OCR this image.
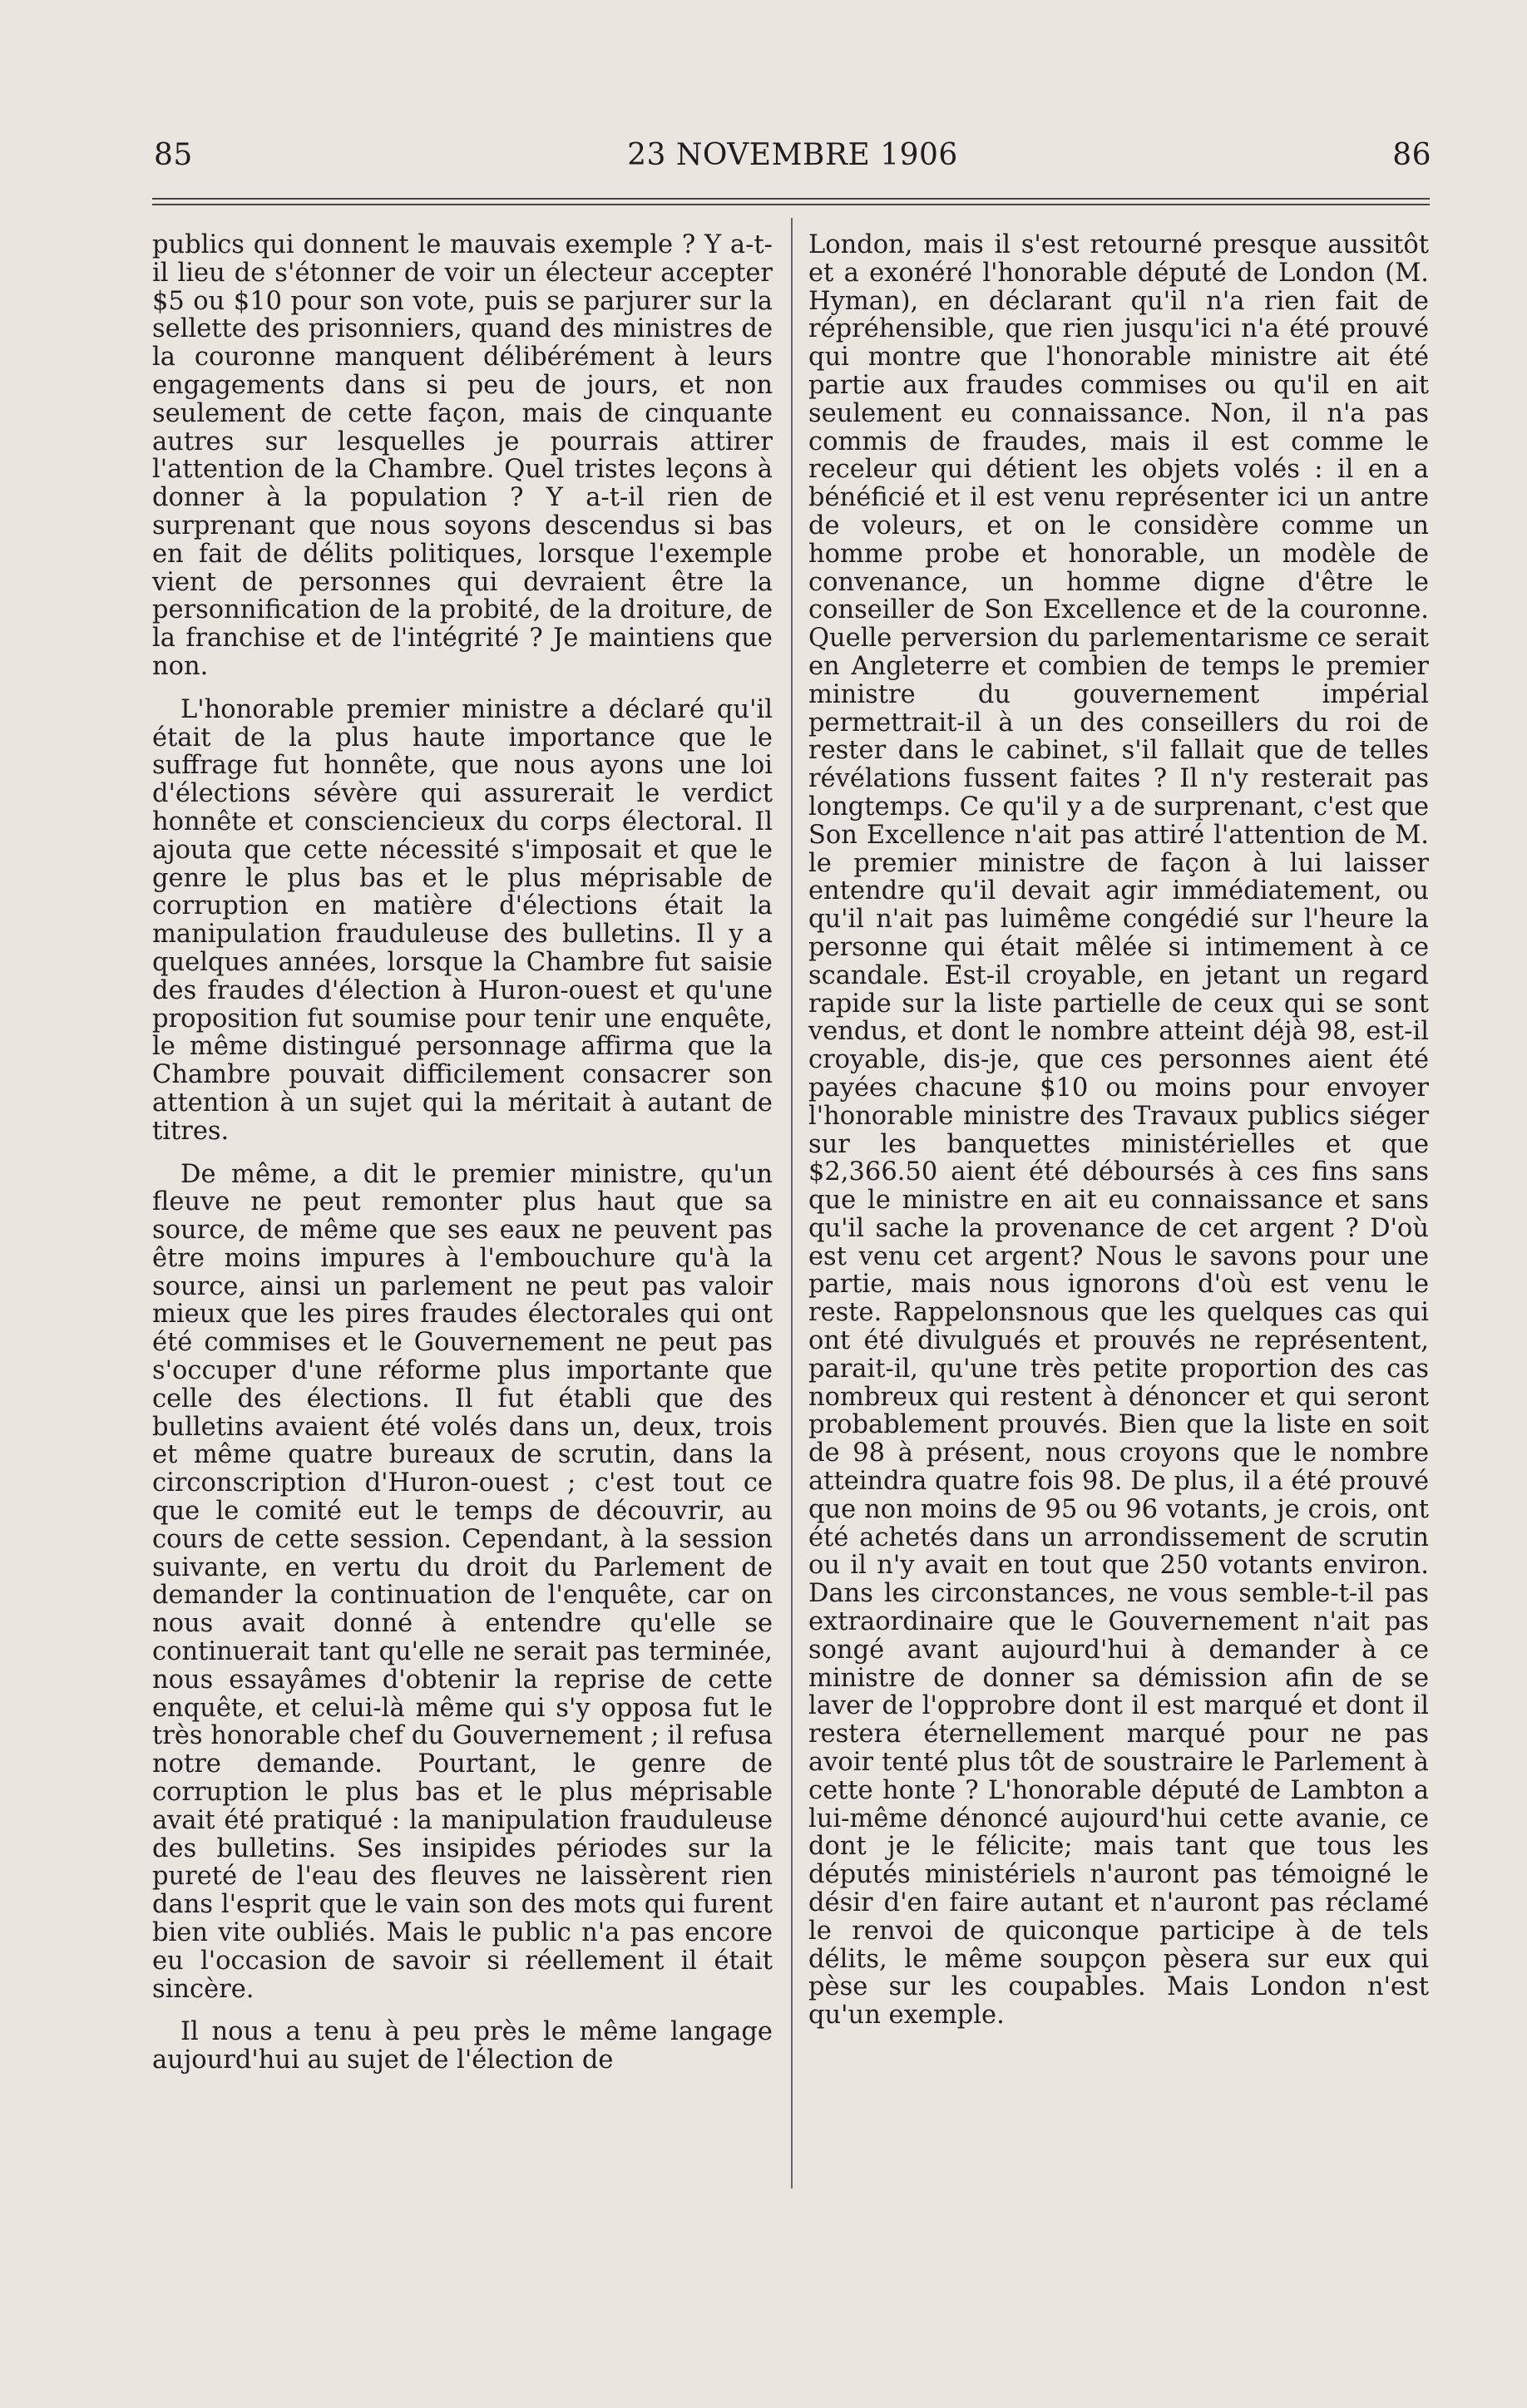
85	23 NOVEMBRE 1906	86

publics qui donnent le mauvais exemple ? Y a-t-il lieu de s'étonner de voir un électeur accepter $5 ou $10 pour son vote, puis se parjurer sur la sellette des prisonniers, quand des ministres de la couronne manquent délibérément à leurs engagements dans si peu de jours, et non seulement de cette façon, mais de cinquante autres sur lesquelles je pourrais attirer l'attention de la Chambre. Quel tristes leçons à donner à la population ? Y a-t-il rien de surprenant que nous soyons descendus si bas en fait de délits politiques, lorsque l'exemple vient de personnes qui devraient être la personnification de la probité, de la droiture, de la franchise et de l'intégrité ? Je maintiens que non.

L'honorable premier ministre a déclaré qu'il était de la plus haute importance que le suffrage fut honnête, que nous ayons une loi d'élections sévère qui assurerait le verdict honnête et consciencieux du corps électoral. Il ajouta que cette nécessité s'imposait et que le genre le plus bas et le plus méprisable de corruption en matière d'élections était la manipulation frauduleuse des bulletins. Il y a quelques années, lorsque la Chambre fut saisie des fraudes d'élection à Huron-ouest et qu'une proposition fut soumise pour tenir une enquête, le même distingué personnage affirma que la Chambre pouvait difficilement consacrer son attention à un sujet qui la méritait à autant de titres.

De même, a dit le premier ministre, qu'un fleuve ne peut remonter plus haut que sa source, de même que ses eaux ne peuvent pas être moins impures à l'embouchure qu'à la source, ainsi un parlement ne peut pas valoir mieux que les pires fraudes électorales qui ont été commises et le Gouvernement ne peut pas s'occuper d'une réforme plus importante que celle des élections. Il fut établi que des bulletins avaient été volés dans un, deux, trois et même quatre bureaux de scrutin, dans la circonscription d'Huron-ouest ; c'est tout ce que le comité eut le temps de découvrir, au cours de cette session. Cependant, à la session suivante, en vertu du droit du Parlement de demander la continuation de l'enquête, car on nous avait donné à entendre qu'elle se continuerait tant qu'elle ne serait pas terminée, nous essayâmes d'obtenir la reprise de cette enquête, et celui-là même qui s'y opposa fut le très honorable chef du Gouvernement ; il refusa notre demande. Pourtant, le genre de corruption le plus bas et le plus méprisable avait été pratiqué : la manipulation frauduleuse des bulletins. Ses insipides périodes sur la pureté de l'eau des fleuves ne laissèrent rien dans l'esprit que le vain son des mots qui furent bien vite oubliés. Mais le public n'a pas encore eu l'occasion de savoir si réellement il était sincère.

Il nous a tenu à peu près le même langage aujourd'hui au sujet de l'élection de

London, mais il s'est retourné presque aussitôt et a exonéré l'honorable député de London (M. Hyman), en déclarant qu'il n'a rien fait de répréhensible, que rien jusqu'ici n'a été prouvé qui montre que l'honorable ministre ait été partie aux fraudes commises ou qu'il en ait seulement eu connaissance. Non, il n'a pas commis de fraudes, mais il est comme le receleur qui détient les objets volés : il en a bénéficié et il est venu représenter ici un antre de voleurs, et on le considère comme un homme probe et honorable, un modèle de convenance, un homme digne d'être le conseiller de Son Excellence et de la couronne. Quelle perversion du parlementarisme ce serait en Angleterre et combien de temps le premier ministre du gouvernement impérial permettrait-il à un des conseillers du roi de rester dans le cabinet, s'il fallait que de telles révélations fussent faites ? Il n'y resterait pas longtemps. Ce qu'il y a de surprenant, c'est que Son Excellence n'ait pas attiré l'attention de M. le premier ministre de façon à lui laisser entendre qu'il devait agir immédiatement, ou qu'il n'ait pas luimême congédié sur l'heure la personne qui était mêlée si intimement à ce scandale. Est-il croyable, en jetant un regard rapide sur la liste partielle de ceux qui se sont vendus, et dont le nombre atteint déjà 98, est-il croyable, dis-je, que ces personnes aient été payées chacune $10 ou moins pour envoyer l'honorable ministre des Travaux publics siéger sur les banquettes ministérielles et que $2,366.50 aient été déboursés à ces fins sans que le ministre en ait eu connaissance et sans qu'il sache la provenance de cet argent ? D'où est venu cet argent? Nous le savons pour une partie, mais nous ignorons d'où est venu le reste. Rappelonsnous que les quelques cas qui ont été divulgués et prouvés ne représentent, parait-il, qu'une très petite proportion des cas nombreux qui restent à dénoncer et qui seront probablement prouvés. Bien que la liste en soit de 98 à présent, nous croyons que le nombre atteindra quatre fois 98. De plus, il a été prouvé que non moins de 95 ou 96 votants, je crois, ont été achetés dans un arrondissement de scrutin ou il n'y avait en tout que 250 votants environ. Dans les circonstances, ne vous semble-t-il pas extraordinaire que le Gouvernement n'ait pas songé avant aujourd'hui à demander à ce ministre de donner sa démission afin de se laver de l'opprobre dont il est marqué et dont il restera éternellement marqué pour ne pas avoir tenté plus tôt de soustraire le Parlement à cette honte ? L'honorable député de Lambton a lui-même dénoncé aujourd'hui cette avanie, ce dont je le félicite; mais tant que tous les députés ministériels n'auront pas témoigné le désir d'en faire autant et n'auront pas réclamé le renvoi de quiconque participe à de tels délits, le même soupçon pèsera sur eux qui pèse sur les coupables. Mais London n'est qu'un exemple.
